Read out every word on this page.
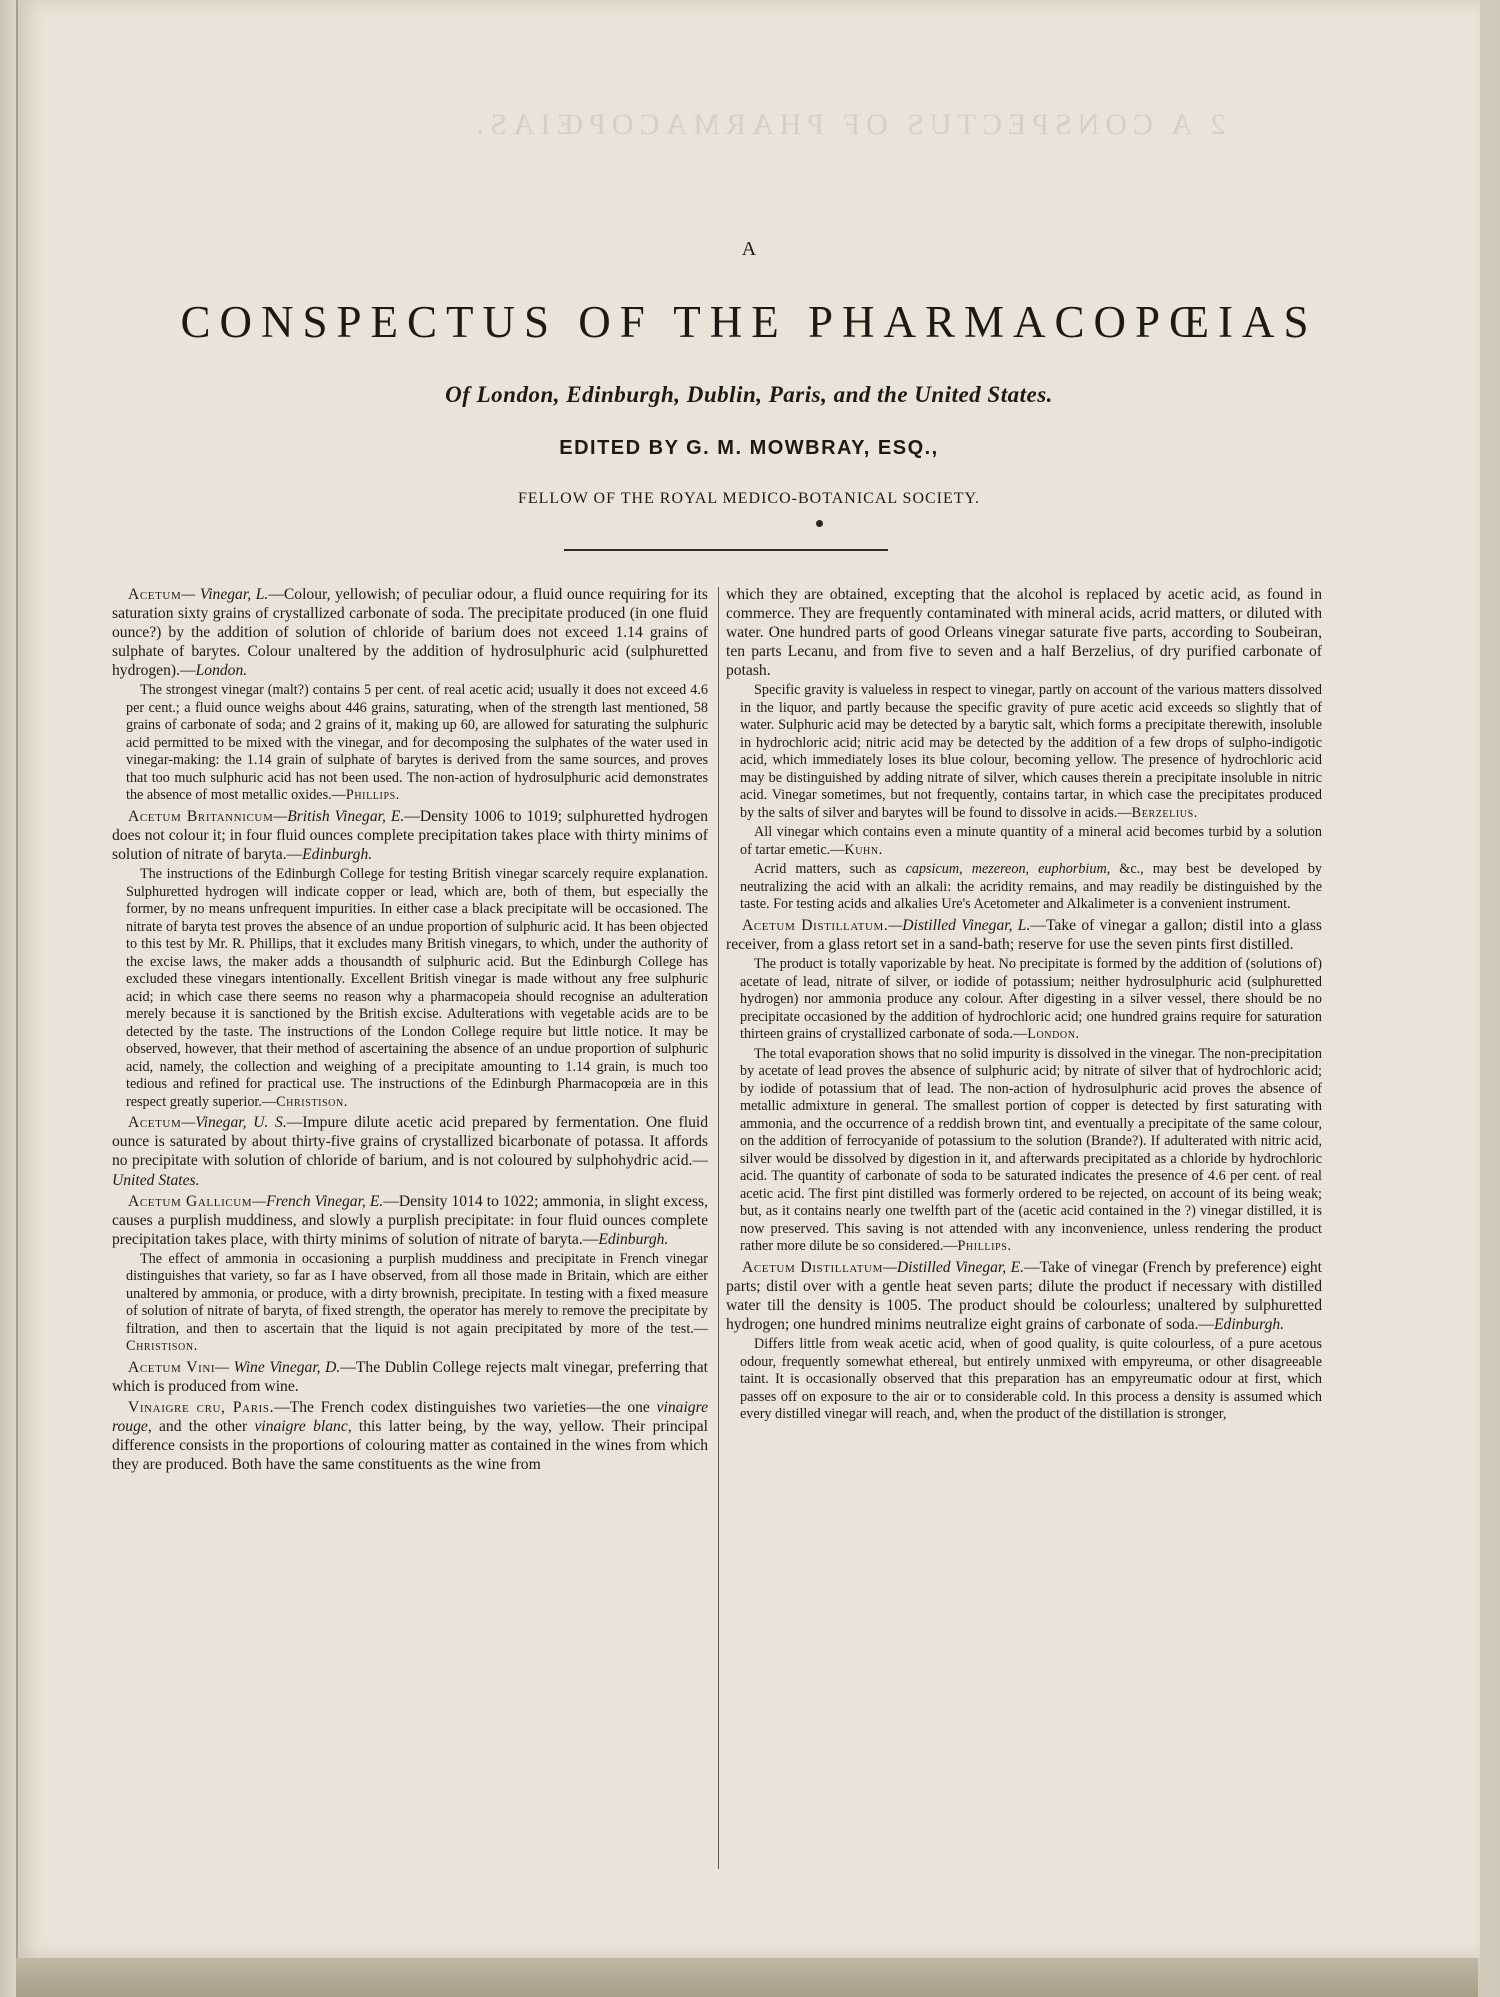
2 A CONSPECTUS OF PHARMACOPŒIAS.
A
CONSPECTUS OF THE PHARMACOPŒIAS
Of London, Edinburgh, Dublin, Paris, and the United States.
EDITED BY G. M. MOWBRAY, ESQ.,
FELLOW OF THE ROYAL MEDICO-BOTANICAL SOCIETY.

Acetum— Vinegar, L.—Colour, yellowish; of peculiar odour, a fluid ounce requiring for its saturation sixty grains of crystallized carbonate of soda. The precipitate produced (in one fluid ounce?) by the addition of solution of chloride of barium does not exceed 1.14 grains of sulphate of barytes. Colour unaltered by the addition of hydrosulphuric acid (sulphuretted hydrogen).—London.

The strongest vinegar (malt?) contains 5 per cent. of real acetic acid; usually it does not exceed 4.6 per cent.; a fluid ounce weighs about 446 grains, saturating, when of the strength last mentioned, 58 grains of carbonate of soda; and 2 grains of it, making up 60, are allowed for saturating the sulphuric acid permitted to be mixed with the vinegar, and for decomposing the sulphates of the water used in vinegar-making: the 1.14 grain of sulphate of barytes is derived from the same sources, and proves that too much sulphuric acid has not been used. The non-action of hydrosulphuric acid demonstrates the absence of most metallic oxides.—Phillips.

Acetum Britannicum—British Vinegar, E.—Density 1006 to 1019; sulphuretted hydrogen does not colour it; in four fluid ounces complete precipitation takes place with thirty minims of solution of nitrate of baryta.—Edinburgh.

The instructions of the Edinburgh College for testing British vinegar scarcely require explanation. Sulphuretted hydrogen will indicate copper or lead, which are, both of them, but especially the former, by no means unfrequent impurities. In either case a black precipitate will be occasioned. The nitrate of baryta test proves the absence of an undue proportion of sulphuric acid. It has been objected to this test by Mr. R. Phillips, that it excludes many British vinegars, to which, under the authority of the excise laws, the maker adds a thousandth of sulphuric acid. But the Edinburgh College has excluded these vinegars intentionally. Excellent British vinegar is made without any free sulphuric acid; in which case there seems no reason why a pharmacopeia should recognise an adulteration merely because it is sanctioned by the British excise. Adulterations with vegetable acids are to be detected by the taste. The instructions of the London College require but little notice. It may be observed, however, that their method of ascertaining the absence of an undue proportion of sulphuric acid, namely, the collection and weighing of a precipitate amounting to 1.14 grain, is much too tedious and refined for practical use. The instructions of the Edinburgh Pharmacopœia are in this respect greatly superior.—Christison.

Acetum—Vinegar, U. S.—Impure dilute acetic acid prepared by fermentation. One fluid ounce is saturated by about thirty-five grains of crystallized bicarbonate of potassa. It affords no precipitate with solution of chloride of barium, and is not coloured by sulphohydric acid.—United States.

Acetum Gallicum—French Vinegar, E.—Density 1014 to 1022; ammonia, in slight excess, causes a purplish muddiness, and slowly a purplish precipitate: in four fluid ounces complete precipitation takes place, with thirty minims of solution of nitrate of baryta.—Edinburgh.

The effect of ammonia in occasioning a purplish muddiness and precipitate in French vinegar distinguishes that variety, so far as I have observed, from all those made in Britain, which are either unaltered by ammonia, or produce, with a dirty brownish, precipitate. In testing with a fixed measure of solution of nitrate of baryta, of fixed strength, the operator has merely to remove the precipitate by filtration, and then to ascertain that the liquid is not again precipitated by more of the test.—Christison.

Acetum Vini— Wine Vinegar, D.—The Dublin College rejects malt vinegar, preferring that which is produced from wine.

Vinaigre cru, Paris.—The French codex distinguishes two varieties—the one vinaigre rouge, and the other vinaigre blanc, this latter being, by the way, yellow. Their principal difference consists in the proportions of colouring matter as contained in the wines from which they are produced. Both have the same constituents as the wine from

which they are obtained, excepting that the alcohol is replaced by acetic acid, as found in commerce. They are frequently contaminated with mineral acids, acrid matters, or diluted with water. One hundred parts of good Orleans vinegar saturate five parts, according to Soubeiran, ten parts Lecanu, and from five to seven and a half Berzelius, of dry purified carbonate of potash.

Specific gravity is valueless in respect to vinegar, partly on account of the various matters dissolved in the liquor, and partly because the specific gravity of pure acetic acid exceeds so slightly that of water. Sulphuric acid may be detected by a barytic salt, which forms a precipitate therewith, insoluble in hydrochloric acid; nitric acid may be detected by the addition of a few drops of sulpho-indigotic acid, which immediately loses its blue colour, becoming yellow. The presence of hydrochloric acid may be distinguished by adding nitrate of silver, which causes therein a precipitate insoluble in nitric acid. Vinegar sometimes, but not frequently, contains tartar, in which case the precipitates produced by the salts of silver and barytes will be found to dissolve in acids.—Berzelius.

All vinegar which contains even a minute quantity of a mineral acid becomes turbid by a solution of tartar emetic.—Kuhn.

Acrid matters, such as capsicum, mezereon, euphorbium, &c., may best be developed by neutralizing the acid with an alkali: the acridity remains, and may readily be distinguished by the taste. For testing acids and alkalies Ure's Acetometer and Alkalimeter is a convenient instrument.

Acetum Distillatum.—Distilled Vinegar, L.—Take of vinegar a gallon; distil into a glass receiver, from a glass retort set in a sand-bath; reserve for use the seven pints first distilled.

The product is totally vaporizable by heat. No precipitate is formed by the addition of (solutions of) acetate of lead, nitrate of silver, or iodide of potassium; neither hydrosulphuric acid (sulphuretted hydrogen) nor ammonia produce any colour. After digesting in a silver vessel, there should be no precipitate occasioned by the addition of hydrochloric acid; one hundred grains require for saturation thirteen grains of crystallized carbonate of soda.—London.

The total evaporation shows that no solid impurity is dissolved in the vinegar. The non-precipitation by acetate of lead proves the absence of sulphuric acid; by nitrate of silver that of hydrochloric acid; by iodide of potassium that of lead. The non-action of hydrosulphuric acid proves the absence of metallic admixture in general. The smallest portion of copper is detected by first saturating with ammonia, and the occurrence of a reddish brown tint, and eventually a precipitate of the same colour, on the addition of ferrocyanide of potassium to the solution (Brande?). If adulterated with nitric acid, silver would be dissolved by digestion in it, and afterwards precipitated as a chloride by hydrochloric acid. The quantity of carbonate of soda to be saturated indicates the presence of 4.6 per cent. of real acetic acid. The first pint distilled was formerly ordered to be rejected, on account of its being weak; but, as it contains nearly one twelfth part of the (acetic acid contained in the ?) vinegar distilled, it is now preserved. This saving is not attended with any inconvenience, unless rendering the product rather more dilute be so considered.—Phillips.

Acetum Distillatum—Distilled Vinegar, E.—Take of vinegar (French by preference) eight parts; distil over with a gentle heat seven parts; dilute the product if necessary with distilled water till the density is 1005. The product should be colourless; unaltered by sulphuretted hydrogen; one hundred minims neutralize eight grains of carbonate of soda.—Edinburgh.

Differs little from weak acetic acid, when of good quality, is quite colourless, of a pure acetous odour, frequently somewhat ethereal, but entirely unmixed with empyreuma, or other disagreeable taint. It is occasionally observed that this preparation has an empyreumatic odour at first, which passes off on exposure to the air or to considerable cold. In this process a density is assumed which every distilled vinegar will reach, and, when the product of the distillation is stronger,
